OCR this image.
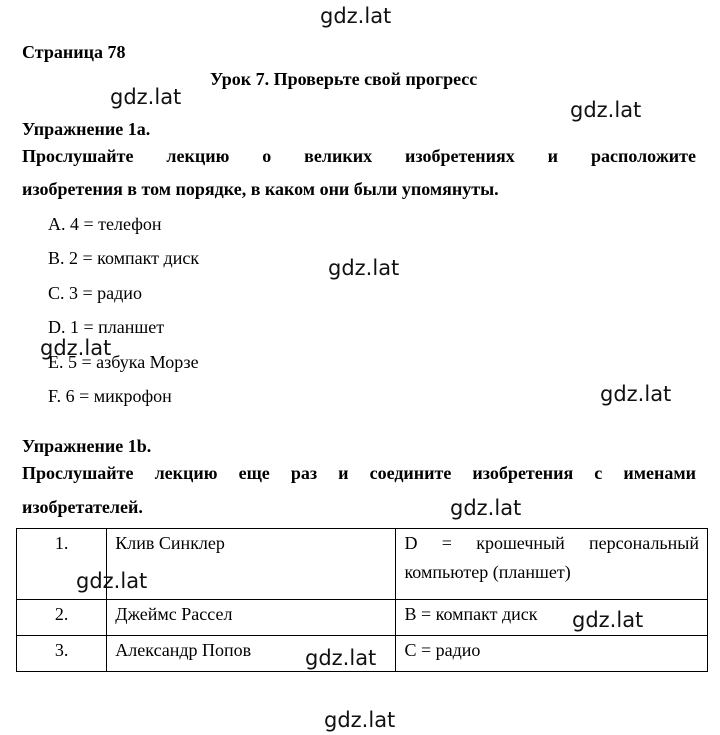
Страница 78
Урок 7. Проверьте свой прогресс
Упражнение 1a.
Прослушайте лекцию о великих изобретениях и расположите
изобретения в том порядке, в каком они были упомянуты.
A. 4 = телефон
B. 2 = компакт диск
C. 3 = радио
D. 1 = планшет
E. 5 = азбука Морзе
F. 6 = микрофон
Упражнение 1b.
Прослушайте лекцию еще раз и соедините изобретения с именами
изобретателей.
1.	Клив Синклер	D = крошечный персональный
компьютер (планшет)

2.	Джеймс Рассел	B = компакт диск
3.	Александр Попов	C = радио
gdz.lat
gdz.lat
gdz.lat
gdz.lat
gdz.lat
gdz.lat
gdz.lat
gdz.lat
gdz.lat
gdz.lat
gdz.lat
